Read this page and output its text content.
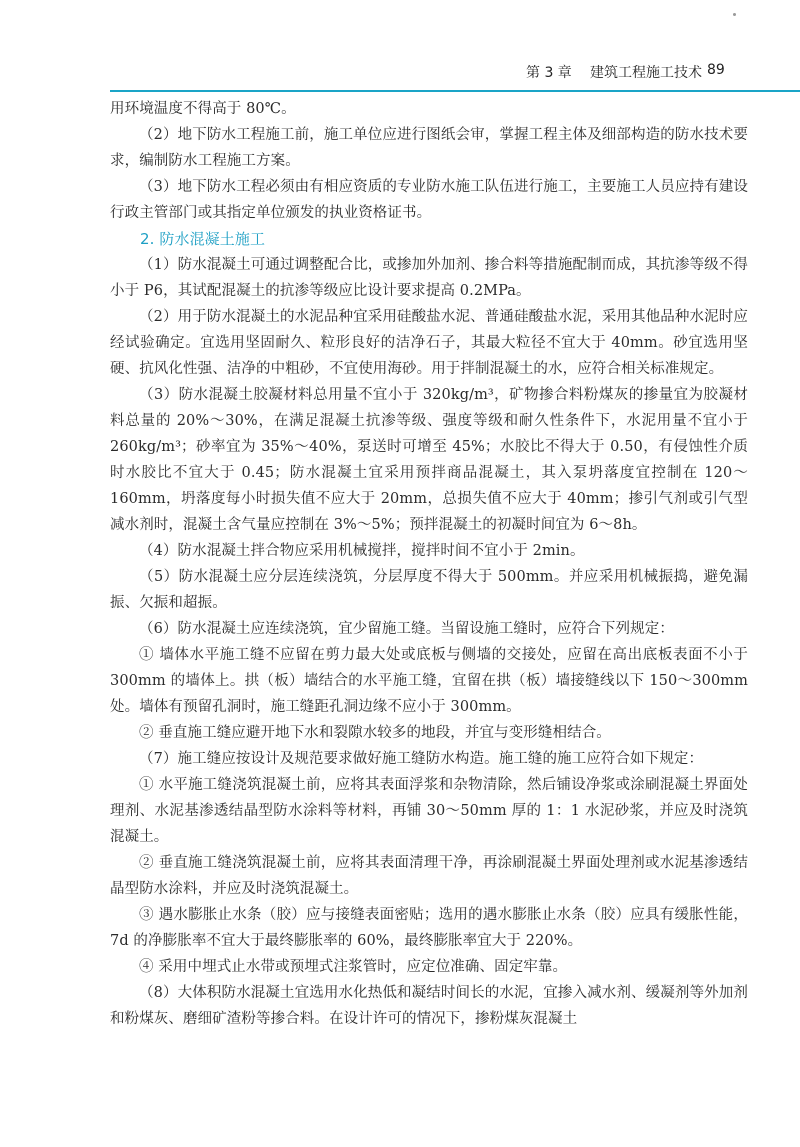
第 3 章 建筑工程施工技术 89

用环境温度不得高于 80℃。

（2）地下防水工程施工前，施工单位应进行图纸会审，掌握工程主体及细部构造的防水技术要求，编制防水工程施工方案。

（3）地下防水工程必须由有相应资质的专业防水施工队伍进行施工，主要施工人员应持有建设行政主管部门或其指定单位颁发的执业资格证书。

2. 防水混凝土施工

（1）防水混凝土可通过调整配合比，或掺加外加剂、掺合料等措施配制而成，其抗渗等级不得小于 P6，其试配混凝土的抗渗等级应比设计要求提高 0.2MPa。

（2）用于防水混凝土的水泥品种宜采用硅酸盐水泥、普通硅酸盐水泥，采用其他品种水泥时应经试验确定。宜选用坚固耐久、粒形良好的洁净石子，其最大粒径不宜大于 40mm。砂宜选用坚硬、抗风化性强、洁净的中粗砂，不宜使用海砂。用于拌制混凝土的水，应符合相关标准规定。

（3）防水混凝土胶凝材料总用量不宜小于 320kg/m³，矿物掺合料粉煤灰的掺量宜为胶凝材料总量的 20%～30%，在满足混凝土抗渗等级、强度等级和耐久性条件下，水泥用量不宜小于 260kg/m³；砂率宜为 35%～40%，泵送时可增至 45%；水胶比不得大于 0.50，有侵蚀性介质时水胶比不宜大于 0.45；防水混凝土宜采用预拌商品混凝土，其入泵坍落度宜控制在 120～160mm，坍落度每小时损失值不应大于 20mm，总损失值不应大于 40mm；掺引气剂或引气型减水剂时，混凝土含气量应控制在 3%～5%；预拌混凝土的初凝时间宜为 6～8h。

（4）防水混凝土拌合物应采用机械搅拌，搅拌时间不宜小于 2min。

（5）防水混凝土应分层连续浇筑，分层厚度不得大于 500mm。并应采用机械振捣，避免漏振、欠振和超振。

（6）防水混凝土应连续浇筑，宜少留施工缝。当留设施工缝时，应符合下列规定：

① 墙体水平施工缝不应留在剪力最大处或底板与侧墙的交接处，应留在高出底板表面不小于 300mm 的墙体上。拱（板）墙结合的水平施工缝，宜留在拱（板）墙接缝线以下 150～300mm 处。墙体有预留孔洞时，施工缝距孔洞边缘不应小于 300mm。

② 垂直施工缝应避开地下水和裂隙水较多的地段，并宜与变形缝相结合。

（7）施工缝应按设计及规范要求做好施工缝防水构造。施工缝的施工应符合如下规定：

① 水平施工缝浇筑混凝土前，应将其表面浮浆和杂物清除，然后铺设净浆或涂刷混凝土界面处理剂、水泥基渗透结晶型防水涂料等材料，再铺 30～50mm 厚的 1：1 水泥砂浆，并应及时浇筑混凝土。

② 垂直施工缝浇筑混凝土前，应将其表面清理干净，再涂刷混凝土界面处理剂或水泥基渗透结晶型防水涂料，并应及时浇筑混凝土。

③ 遇水膨胀止水条（胶）应与接缝表面密贴；选用的遇水膨胀止水条（胶）应具有缓胀性能，7d 的净膨胀率不宜大于最终膨胀率的 60%，最终膨胀率宜大于 220%。

④ 采用中埋式止水带或预埋式注浆管时，应定位准确、固定牢靠。

（8）大体积防水混凝土宜选用水化热低和凝结时间长的水泥，宜掺入减水剂、缓凝剂等外加剂和粉煤灰、磨细矿渣粉等掺合料。在设计许可的情况下，掺粉煤灰混凝土
